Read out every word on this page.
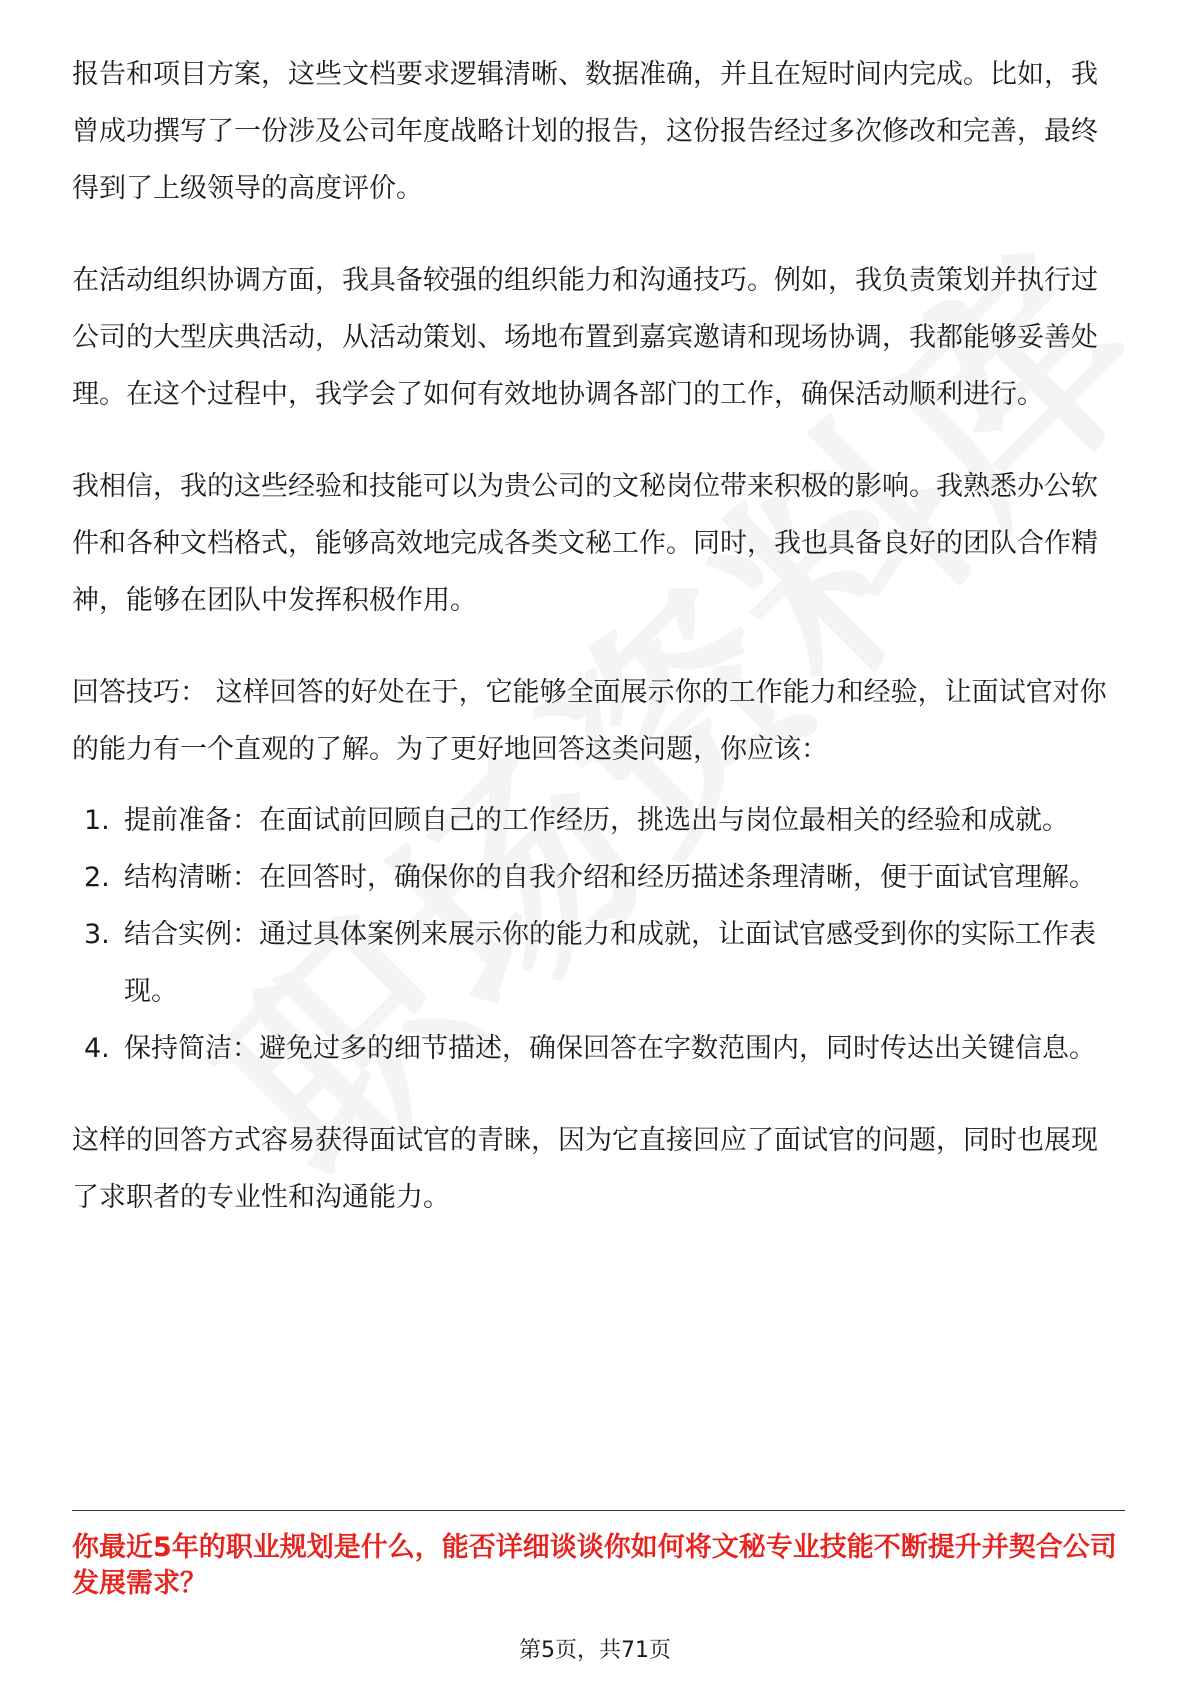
报告和项目方案，这些文档要求逻辑清晰、数据准确，并且在短时间内完成。比如，我曾成功撰写了一份涉及公司年度战略计划的报告，这份报告经过多次修改和完善，最终得到了上级领导的高度评价。

在活动组织协调方面，我具备较强的组织能力和沟通技巧。例如，我负责策划并执行过公司的大型庆典活动，从活动策划、场地布置到嘉宾邀请和现场协调，我都能够妥善处理。在这个过程中，我学会了如何有效地协调各部门的工作，确保活动顺利进行。

我相信，我的这些经验和技能可以为贵公司的文秘岗位带来积极的影响。我熟悉办公软件和各种文档格式，能够高效地完成各类文秘工作。同时，我也具备良好的团队合作精神，能够在团队中发挥积极作用。

回答技巧： 这样回答的好处在于，它能够全面展示你的工作能力和经验，让面试官对你的能力有一个直观的了解。为了更好地回答这类问题，你应该：

1. 提前准备：在面试前回顾自己的工作经历，挑选出与岗位最相关的经验和成就。
2. 结构清晰：在回答时，确保你的自我介绍和经历描述条理清晰，便于面试官理解。
3. 结合实例：通过具体案例来展示你的能力和成就，让面试官感受到你的实际工作表现。
4. 保持简洁：避免过多的细节描述，确保回答在字数范围内，同时传达出关键信息。

这样的回答方式容易获得面试官的青睐，因为它直接回应了面试官的问题，同时也展现了求职者的专业性和沟通能力。

你最近5年的职业规划是什么，能否详细谈谈你如何将文秘专业技能不断提升并契合公司发展需求？
第5页，共71页
